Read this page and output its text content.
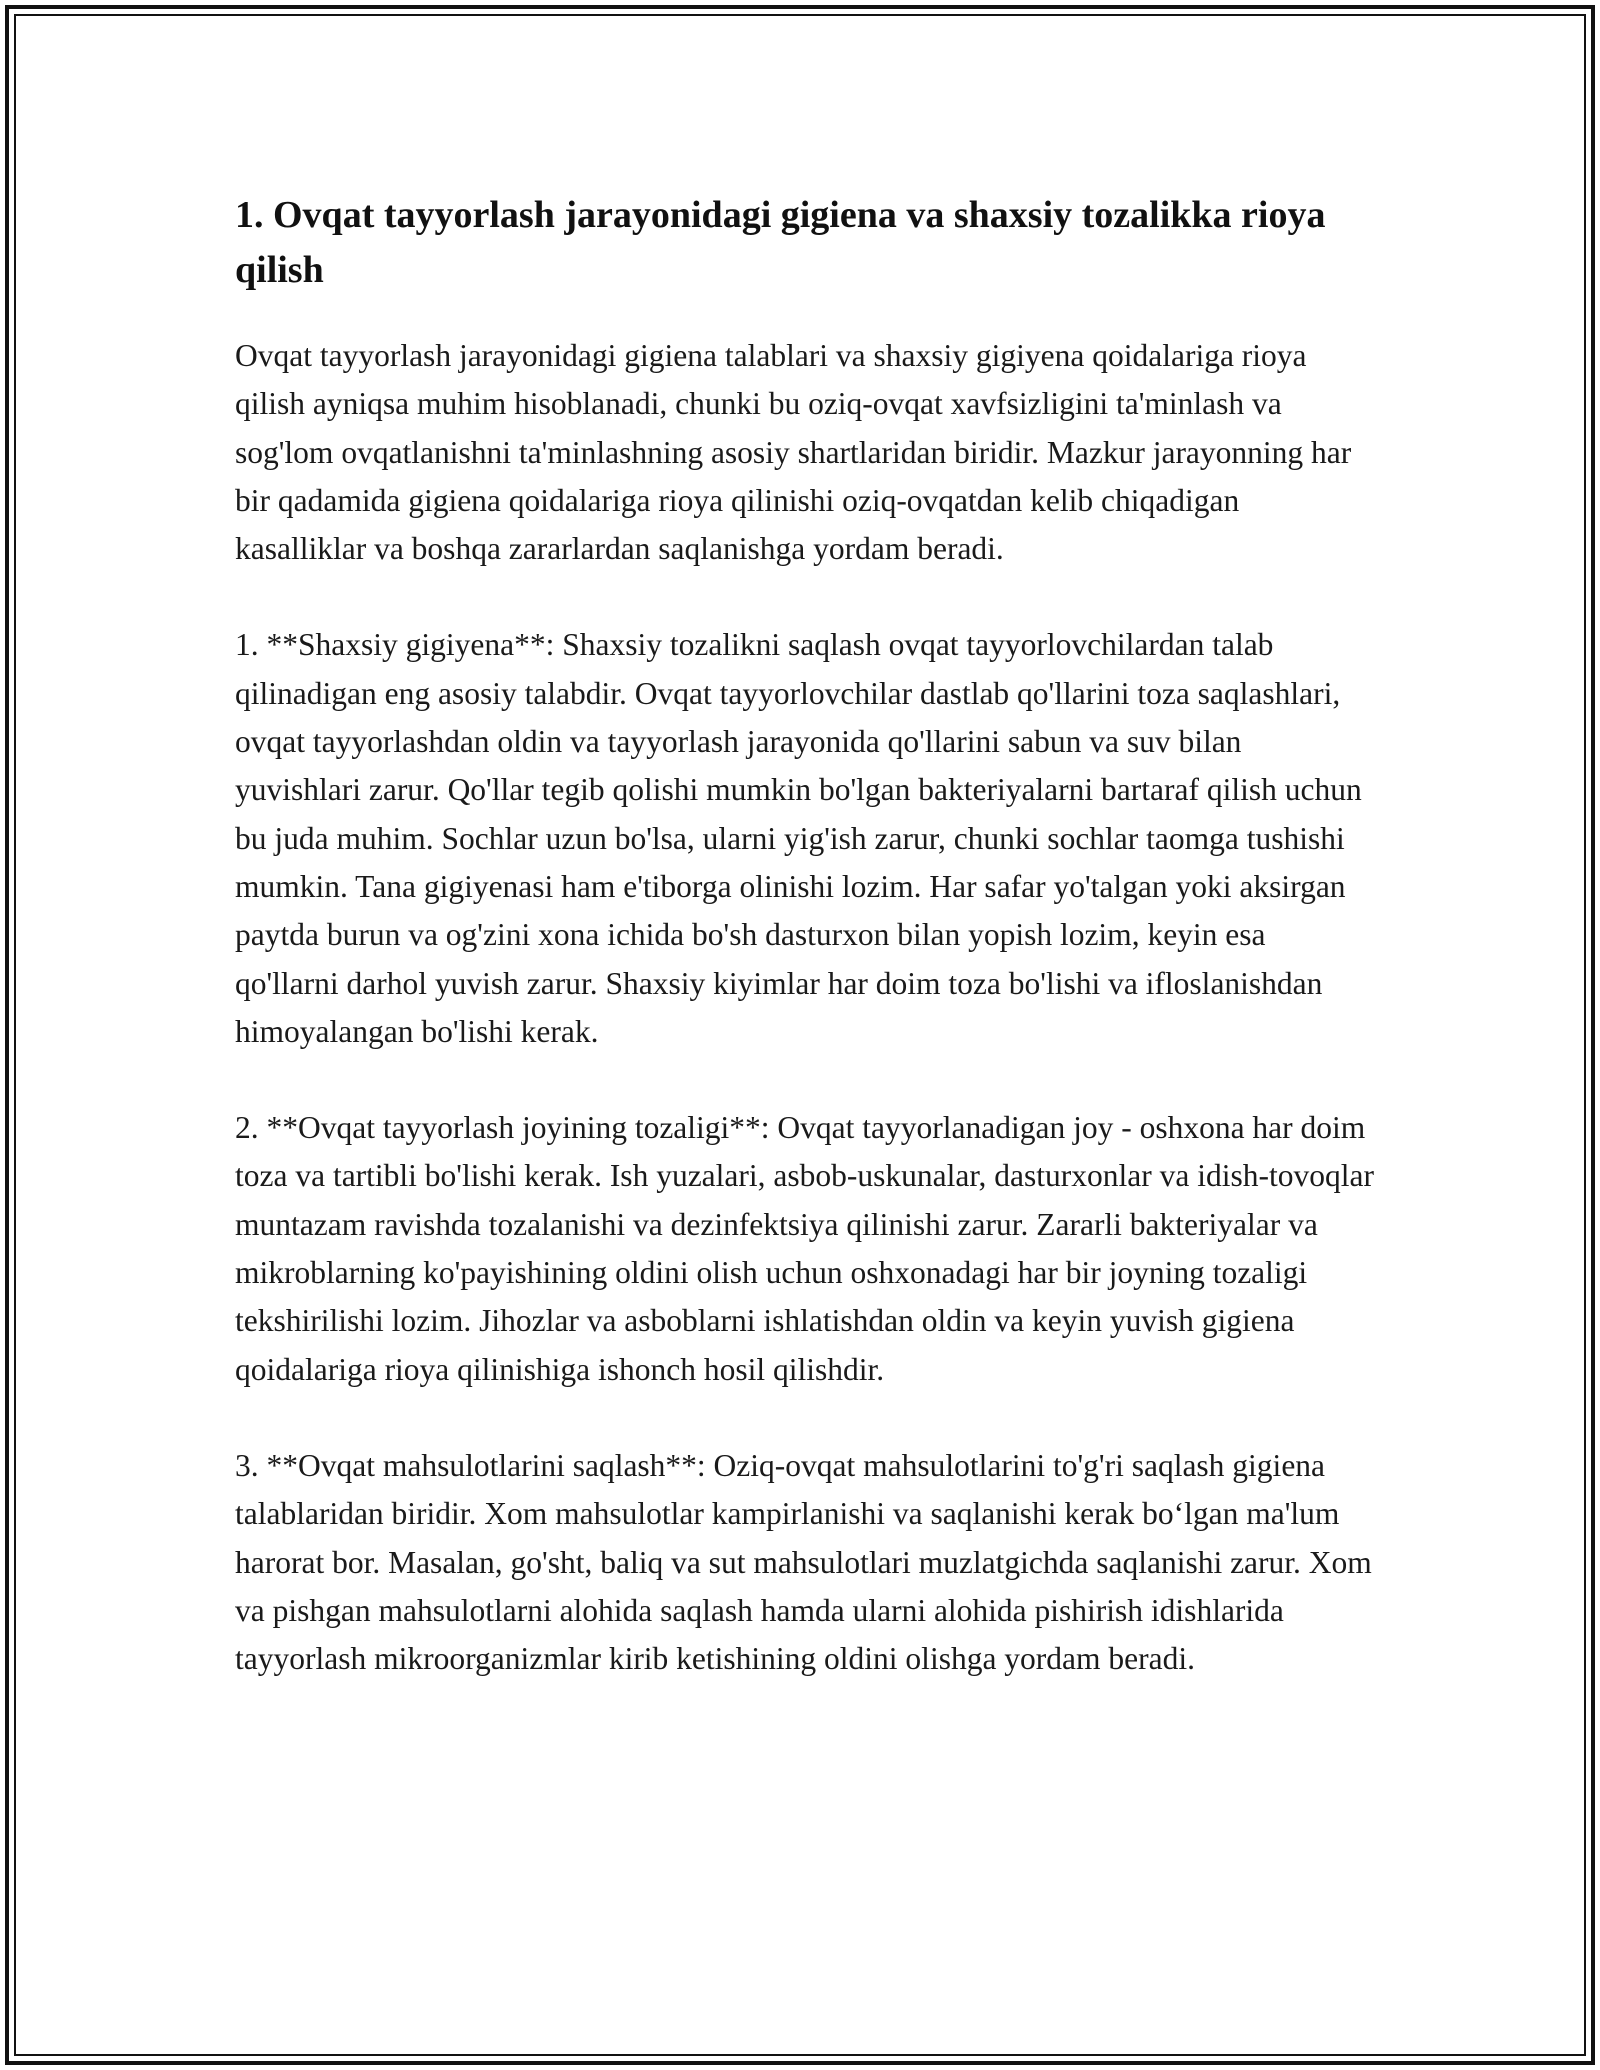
1. Ovqat tayyorlash jarayonidagi gigiena va shaxsiy tozalikka rioya qilish

Ovqat tayyorlash jarayonidagi gigiena talablari va shaxsiy gigiyena qoidalariga rioya qilish ayniqsa muhim hisoblanadi, chunki bu oziq-ovqat xavfsizligini ta'minlash va sog'lom ovqatlanishni ta'minlashning asosiy shartlaridan biridir. Mazkur jarayonning har bir qadamida gigiena qoidalariga rioya qilinishi oziq-ovqatdan kelib chiqadigan kasalliklar va boshqa zararlardan saqlanishga yordam beradi.

1. **Shaxsiy gigiyena**: Shaxsiy tozalikni saqlash ovqat tayyorlovchilardan talab qilinadigan eng asosiy talabdir. Ovqat tayyorlovchilar dastlab qo'llarini toza saqlashlari, ovqat tayyorlashdan oldin va tayyorlash jarayonida qo'llarini sabun va suv bilan yuvishlari zarur. Qo'llar tegib qolishi mumkin bo'lgan bakteriyalarni bartaraf qilish uchun bu juda muhim. Sochlar uzun bo'lsa, ularni yig'ish zarur, chunki sochlar taomga tushishi mumkin. Tana gigiyenasi ham e'tiborga olinishi lozim. Har safar yo'talgan yoki aksirgan paytda burun va og'zini xona ichida bo'sh dasturxon bilan yopish lozim, keyin esa qo'llarni darhol yuvish zarur. Shaxsiy kiyimlar har doim toza bo'lishi va ifloslanishdan himoyalangan bo'lishi kerak.

2. **Ovqat tayyorlash joyining tozaligi**: Ovqat tayyorlanadigan joy - oshxona har doim toza va tartibli bo'lishi kerak. Ish yuzalari, asbob-uskunalar, dasturxonlar va idish-tovoqlar muntazam ravishda tozalanishi va dezinfektsiya qilinishi zarur. Zararli bakteriyalar va mikroblarning ko'payishining oldini olish uchun oshxonadagi har bir joyning tozaligi tekshirilishi lozim. Jihozlar va asboblarni ishlatishdan oldin va keyin yuvish gigiena qoidalariga rioya qilinishiga ishonch hosil qilishdir.

3. **Ovqat mahsulotlarini saqlash**: Oziq-ovqat mahsulotlarini to'g'ri saqlash gigiena talablaridan biridir. Xom mahsulotlar kampirlanishi va saqlanishi kerak bo‘lgan ma'lum harorat bor. Masalan, go'sht, baliq va sut mahsulotlari muzlatgichda saqlanishi zarur. Xom va pishgan mahsulotlarni alohida saqlash hamda ularni alohida pishirish idishlarida tayyorlash mikroorganizmlar kirib ketishining oldini olishga yordam beradi.
